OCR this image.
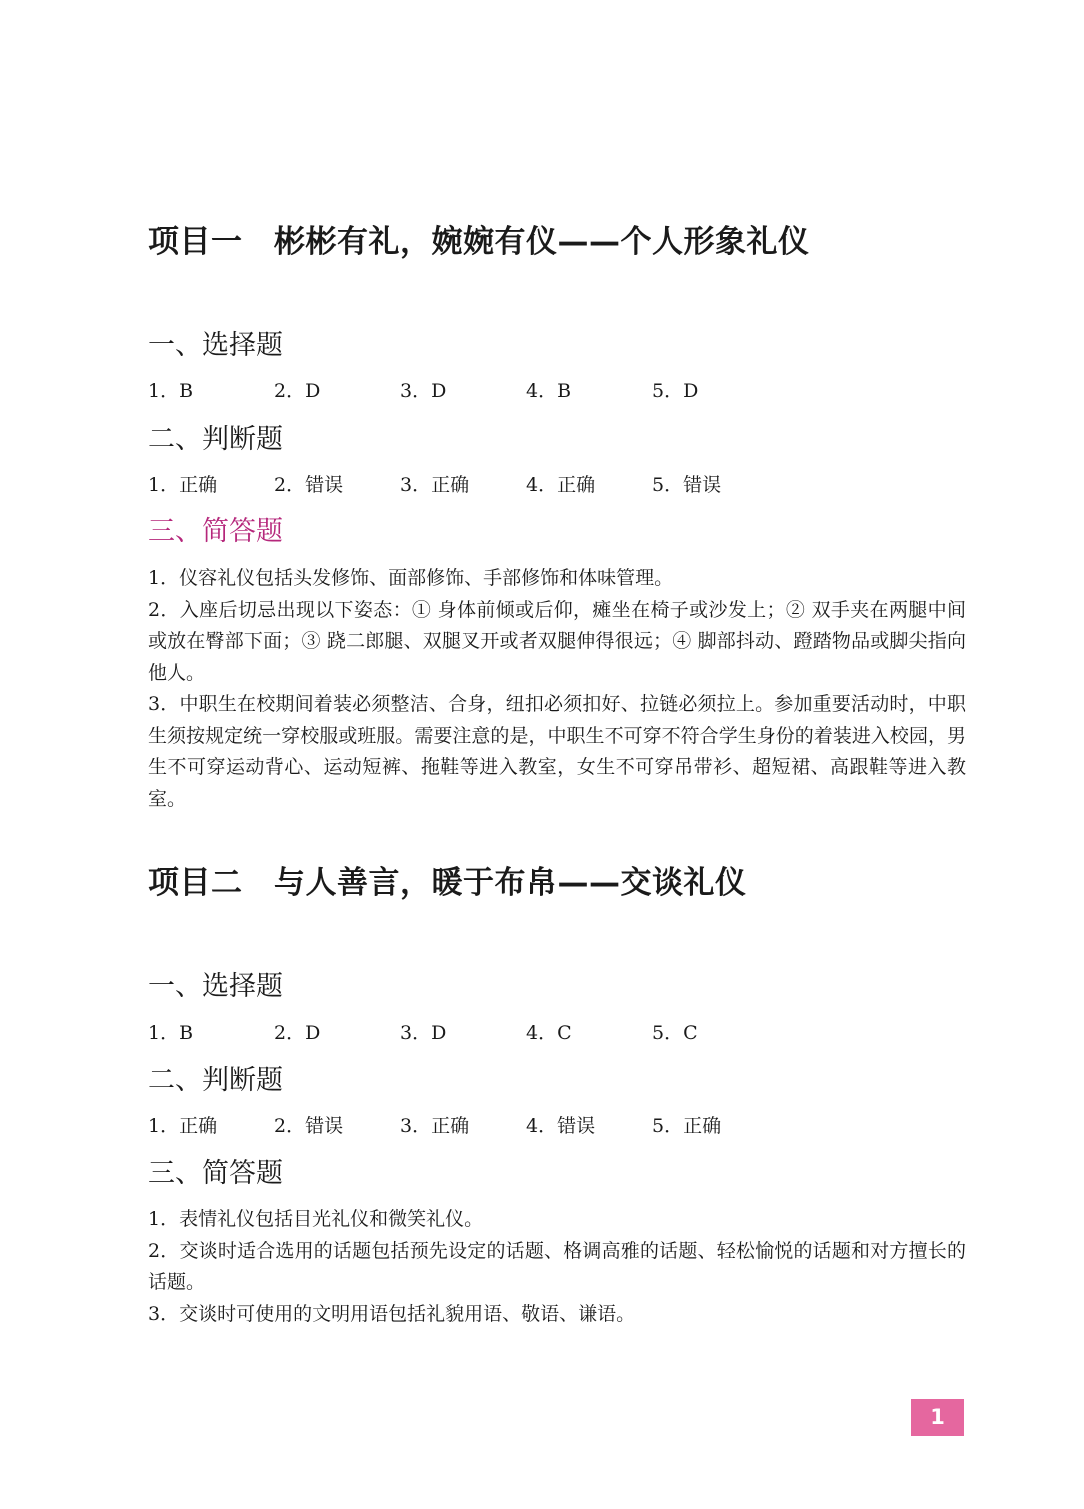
项目一　彬彬有礼，婉婉有仪——个人形象礼仪
一、选择题
1．B	2．D	3．D	4．B	5．D
二、判断题
1．正确	2．错误	3．正确	4．正确	5．错误
三、简答题
1．仪容礼仪包括头发修饰、面部修饰、手部修饰和体味管理。
2．入座后切忌出现以下姿态：① 身体前倾或后仰，瘫坐在椅子或沙发上；② 双手夹在两腿中间或放在臀部下面；③ 跷二郎腿、双腿叉开或者双腿伸得很远；④ 脚部抖动、蹬踏物品或脚尖指向他人。
3．中职生在校期间着装必须整洁、合身，纽扣必须扣好、拉链必须拉上。参加重要活动时，中职生须按规定统一穿校服或班服。需要注意的是，中职生不可穿不符合学生身份的着装进入校园，男生不可穿运动背心、运动短裤、拖鞋等进入教室，女生不可穿吊带衫、超短裙、高跟鞋等进入教室。
项目二　与人善言，暖于布帛——交谈礼仪
一、选择题
1．B	2．D	3．D	4．C	5．C
二、判断题
1．正确	2．错误	3．正确	4．错误	5．正确
三、简答题
1．表情礼仪包括目光礼仪和微笑礼仪。
2．交谈时适合选用的话题包括预先设定的话题、格调高雅的话题、轻松愉悦的话题和对方擅长的话题。
3．交谈时可使用的文明用语包括礼貌用语、敬语、谦语。
1
